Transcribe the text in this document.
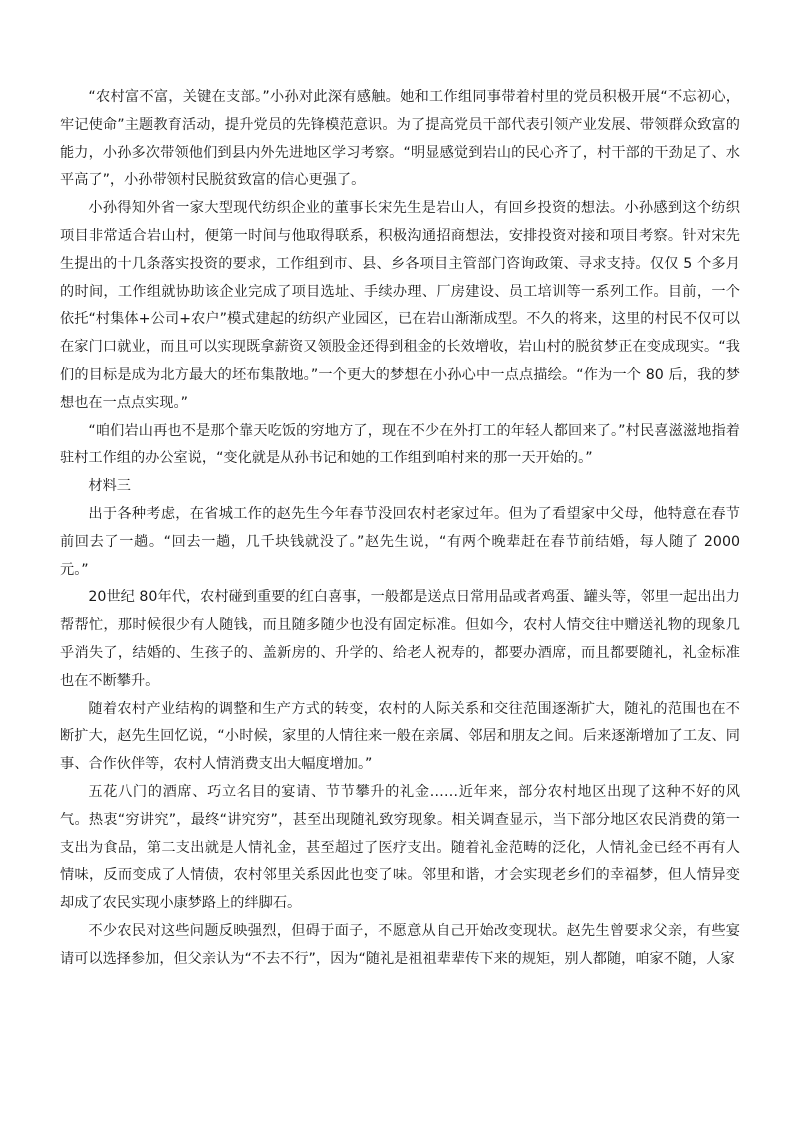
“农村富不富，关键在支部。”小孙对此深有感触。她和工作组同事带着村里的党员积极开展“不忘初心，牢记使命”主题教育活动，提升党员的先锋模范意识。为了提高党员干部代表引领产业发展、带领群众致富的能力，小孙多次带领他们到县内外先进地区学习考察。“明显感觉到岩山的民心齐了，村干部的干劲足了、水平高了”，小孙带领村民脱贫致富的信心更强了。

小孙得知外省一家大型现代纺织企业的董事长宋先生是岩山人，有回乡投资的想法。小孙感到这个纺织项目非常适合岩山村，便第一时间与他取得联系，积极沟通招商想法，安排投资对接和项目考察。针对宋先生提出的十几条落实投资的要求，工作组到市、县、乡各项目主管部门咨询政策、寻求支持。仅仅 5 个多月的时间，工作组就协助该企业完成了项目选址、手续办理、厂房建设、员工培训等一系列工作。目前，一个依托“村集体+公司+农户”模式建起的纺织产业园区，已在岩山渐渐成型。不久的将来，这里的村民不仅可以在家门口就业，而且可以实现既拿薪资又领股金还得到租金的长效增收，岩山村的脱贫梦正在变成现实。“我们的目标是成为北方最大的坯布集散地。”一个更大的梦想在小孙心中一点点描绘。“作为一个 80 后，我的梦想也在一点点实现。”

“咱们岩山再也不是那个靠天吃饭的穷地方了，现在不少在外打工的年轻人都回来了。”村民喜滋滋地指着驻村工作组的办公室说，“变化就是从孙书记和她的工作组到咱村来的那一天开始的。”

材料三

出于各种考虑，在省城工作的赵先生今年春节没回农村老家过年。但为了看望家中父母，他特意在春节前回去了一趟。“回去一趟，几千块钱就没了。”赵先生说，“有两个晚辈赶在春节前结婚，每人随了 2000元。”

20世纪 80年代，农村碰到重要的红白喜事，一般都是送点日常用品或者鸡蛋、罐头等，邻里一起出出力帮帮忙，那时候很少有人随钱，而且随多随少也没有固定标准。但如今，农村人情交往中赠送礼物的现象几乎消失了，结婚的、生孩子的、盖新房的、升学的、给老人祝寿的，都要办酒席，而且都要随礼，礼金标准也在不断攀升。

随着农村产业结构的调整和生产方式的转变，农村的人际关系和交往范围逐渐扩大，随礼的范围也在不断扩大，赵先生回忆说，“小时候，家里的人情往来一般在亲属、邻居和朋友之间。后来逐渐增加了工友、同事、合作伙伴等，农村人情消费支出大幅度增加。”

五花八门的酒席、巧立名目的宴请、节节攀升的礼金……近年来，部分农村地区出现了这种不好的风气。热衷“穷讲究”，最终“讲究穷”，甚至出现随礼致穷现象。相关调查显示，当下部分地区农民消费的第一支出为食品，第二支出就是人情礼金，甚至超过了医疗支出。随着礼金范畴的泛化，人情礼金已经不再有人情味，反而变成了人情债，农村邻里关系因此也变了味。邻里和谐，才会实现老乡们的幸福梦，但人情异变却成了农民实现小康梦路上的绊脚石。

不少农民对这些问题反映强烈，但碍于面子，不愿意从自己开始改变现状。赵先生曾要求父亲，有些宴请可以选择参加，但父亲认为“不去不行”，因为“随礼是祖祖辈辈传下来的规矩，别人都随，咱家不随，人家
